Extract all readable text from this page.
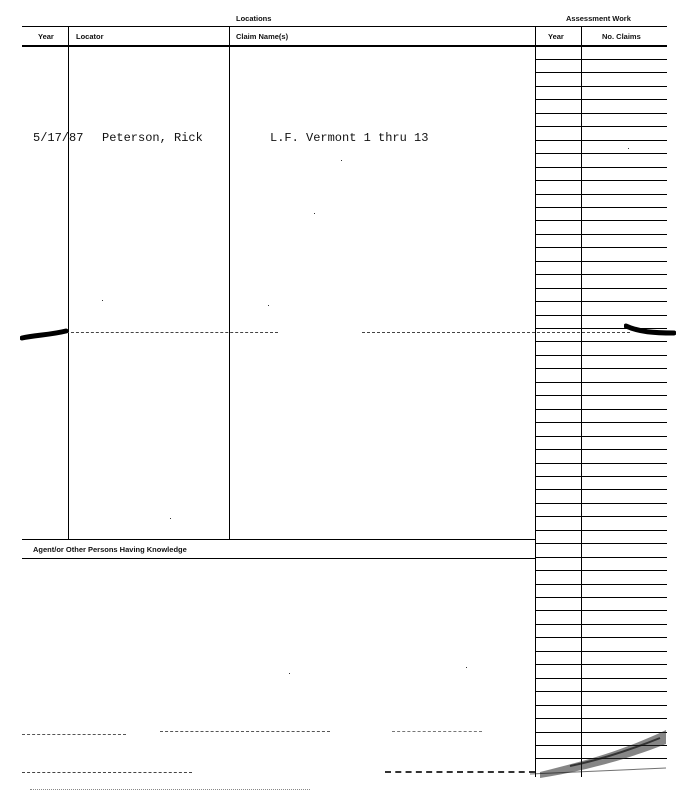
Locations	Assessment Work
Year	Locator	Claim Name(s)	Year	No. Claims
Agent/or Other Persons Having Knowledge
5/17/87 Peterson, Rick	L.F. Vermont 1 thru 13
